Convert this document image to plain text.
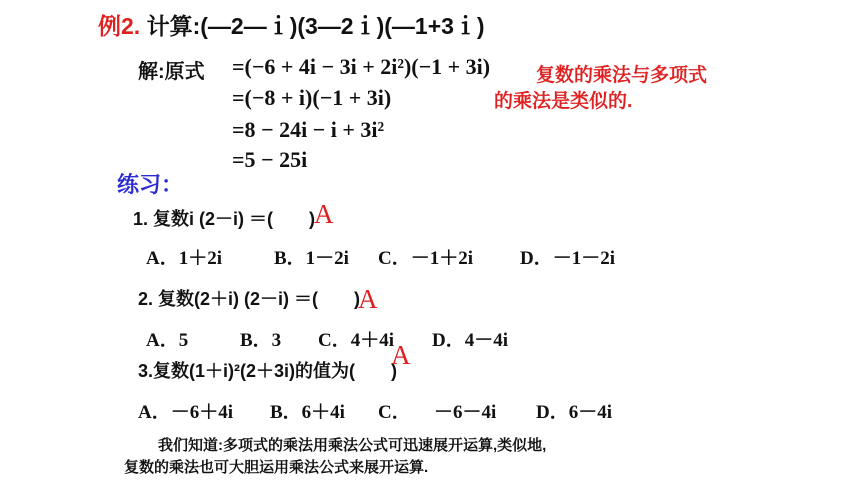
例2. 计算:(—2—ｉ)(3—2ｉ)(—1+3ｉ)
解:原式 =(−6 + 4i − 3i + 2i²)(−1 + 3i)
=(−8 + i)(−1 + 3i)
=8 − 24i − i + 3i²
=5 − 25i
复数的乘法与多项式
的乘法是类似的.
练习：
1. 复数i (2－i) ＝(　　)
A
A．1＋2i	B．1－2i C．－1＋2i D．－1－2i
2. 复数(2＋i) (2－i) ＝(　　)
A
A．5	B．3 C．4＋4i D．4－4i
3.复数(1＋i)²(2＋3i)的值为(　　)
A
A．－6＋4i B．6＋4i C． －6－4i D．6－4i
我们知道:多项式的乘法用乘法公式可迅速展开运算,类似地,
复数的乘法也可大胆运用乘法公式来展开运算.
